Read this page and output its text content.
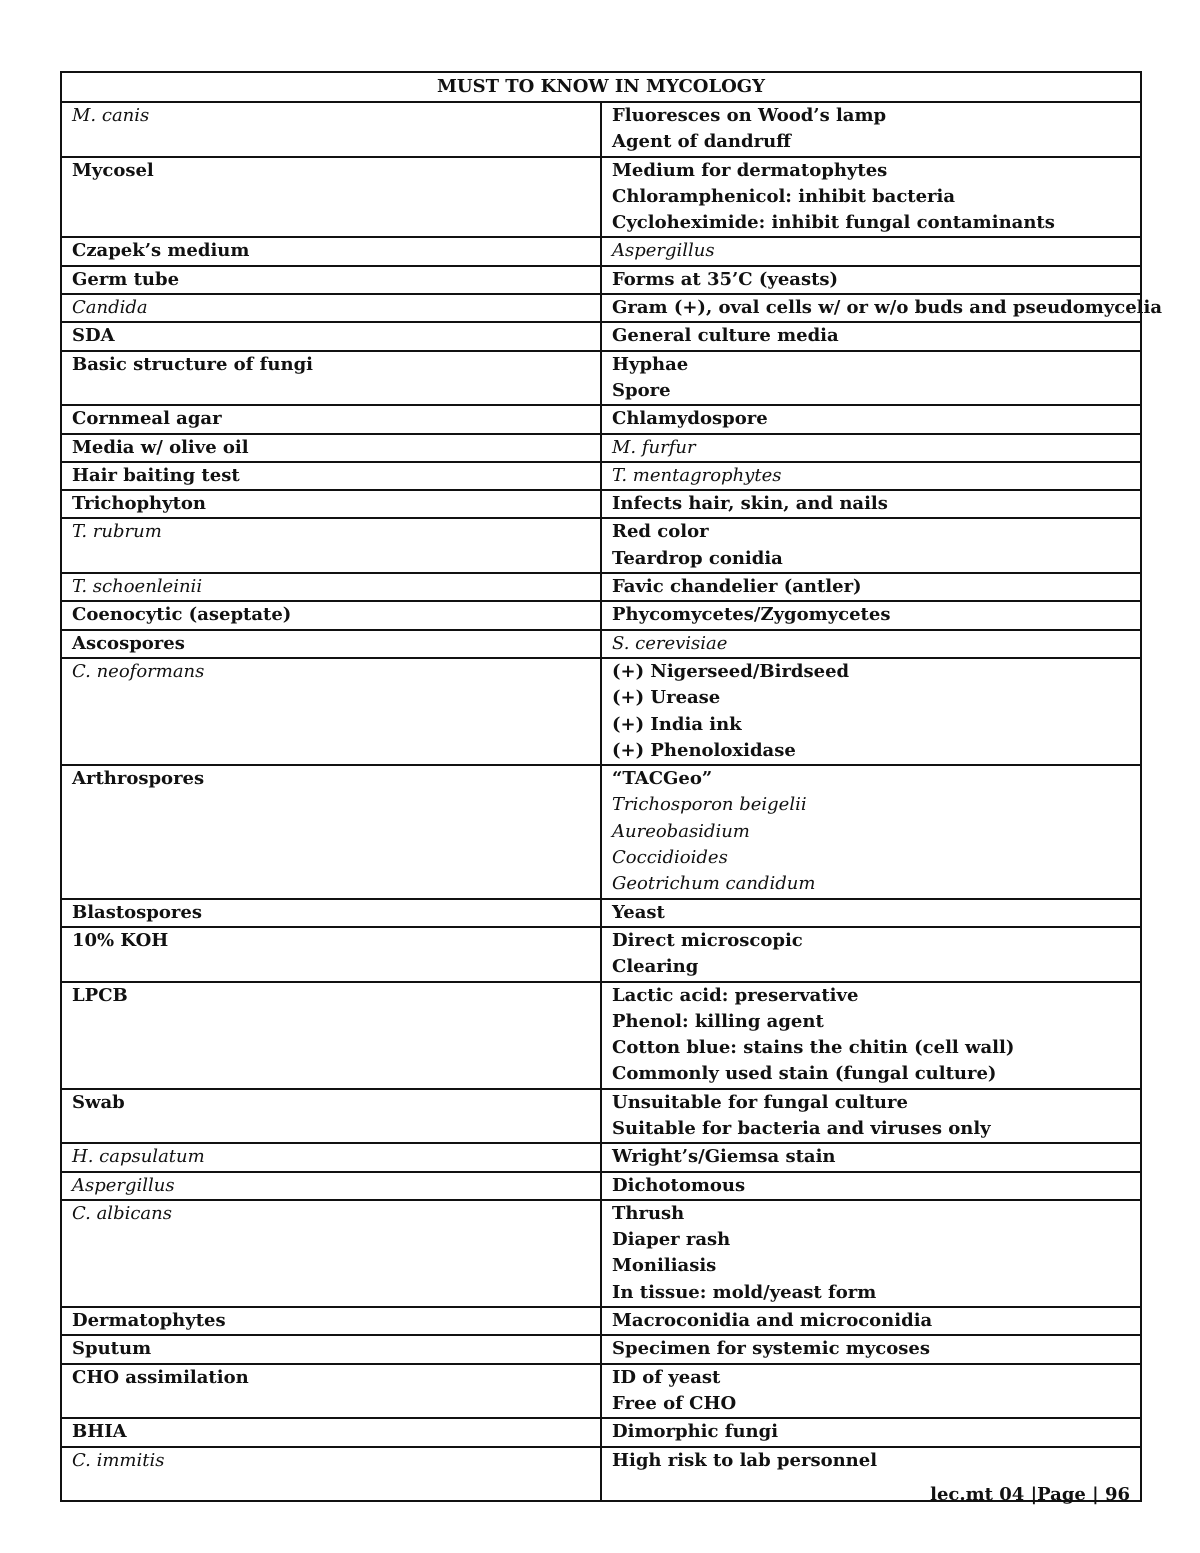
MUST TO KNOW IN MYCOLOGY	
M. canis	Fluoresces on Wood’s lamp
Agent of dandruff

Mycosel	Medium for dermatophytes
Chloramphenicol: inhibit bacteria
Cycloheximide: inhibit fungal contaminants

Czapek’s medium	Aspergillus

Germ tube	Forms at 35’C (yeasts)

Candida	Gram (+), oval cells w/ or w/o buds and pseudomycelia

SDA	General culture media

Basic structure of fungi	Hyphae
Spore

Cornmeal agar	Chlamydospore

Media w/ olive oil	M. furfur

Hair baiting test	T. mentagrophytes

Trichophyton	Infects hair, skin, and nails

T. rubrum	Red color
Teardrop conidia

T. schoenleinii	Favic chandelier (antler)

Coenocytic (aseptate)	Phycomycetes/Zygomycetes

Ascospores	S. cerevisiae

C. neoformans	(+) Nigerseed/Birdseed
(+) Urease
(+) India ink
(+) Phenoloxidase

Arthrospores	“TACGeo”
Trichosporon beigelii
Aureobasidium
Coccidioides
Geotrichum candidum

Blastospores	Yeast

10% KOH	Direct microscopic
Clearing

LPCB	Lactic acid: preservative
Phenol: killing agent
Cotton blue: stains the chitin (cell wall)
Commonly used stain (fungal culture)

Swab	Unsuitable for fungal culture
Suitable for bacteria and viruses only

H. capsulatum	Wright’s/Giemsa stain

Aspergillus	Dichotomous

C. albicans	Thrush
Diaper rash
Moniliasis
In tissue: mold/yeast form

Dermatophytes	Macroconidia and microconidia

Sputum	Specimen for systemic mycoses

CHO assimilation	ID of yeast
Free of CHO

BHIA	Dimorphic fungi

C. immitis	High risk to lab personnel

lec.mt 04 |Page | 96
